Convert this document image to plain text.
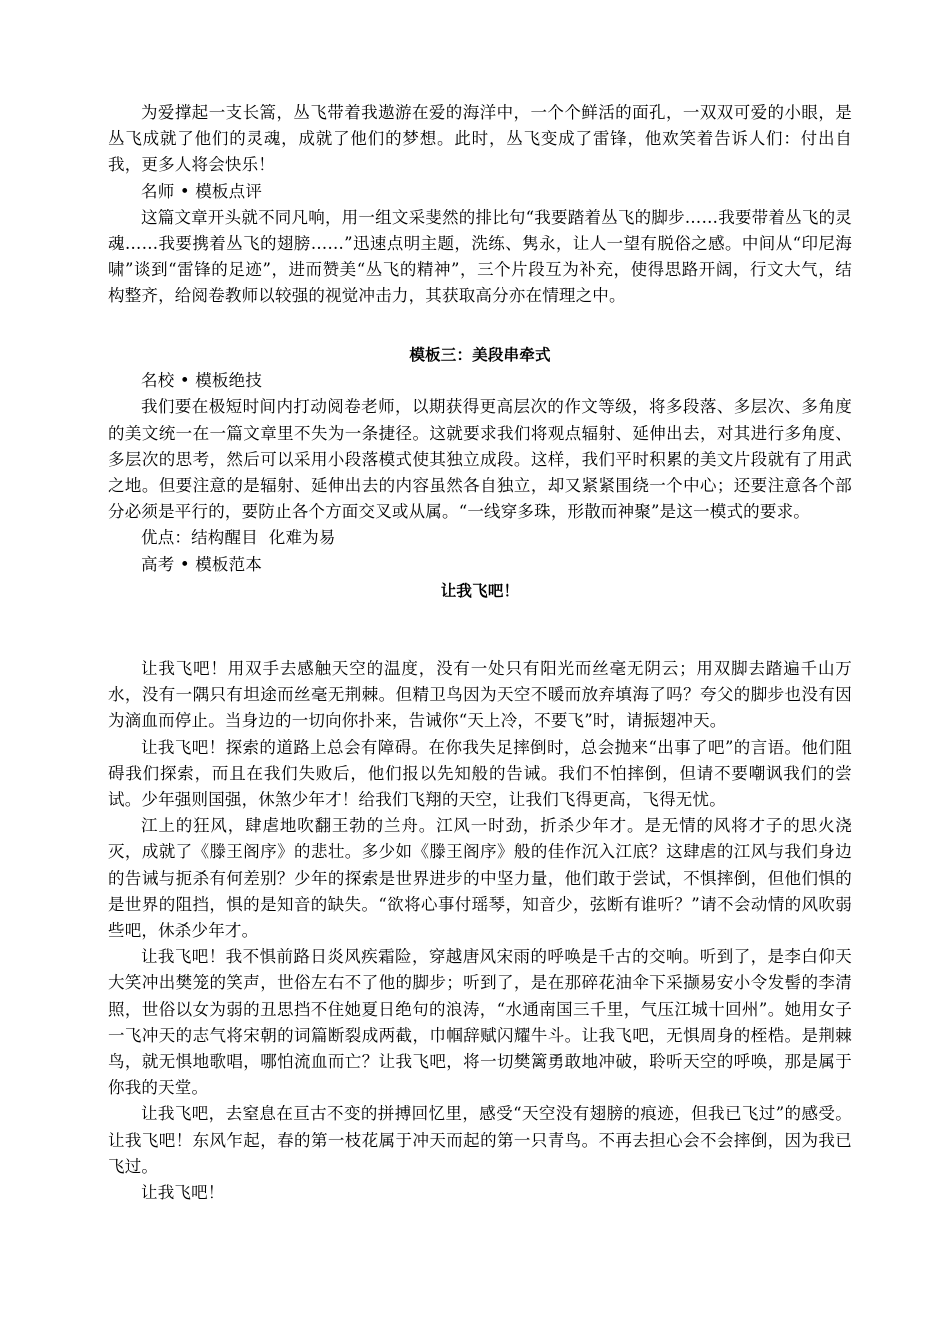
为爱撑起一支长篙，丛飞带着我遨游在爱的海洋中，一个个鲜活的面孔，一双双可爱的小眼，是丛飞成就了他们的灵魂，成就了他们的梦想。此时，丛飞变成了雷锋，他欢笑着告诉人们：付出自我，更多人将会快乐！

名师 • 模板点评

这篇文章开头就不同凡响，用一组文采斐然的排比句“我要踏着丛飞的脚步……我要带着丛飞的灵魂……我要携着丛飞的翅膀……”迅速点明主题，洗练、隽永，让人一望有脱俗之感。中间从“印尼海啸”谈到“雷锋的足迹”，进而赞美“丛飞的精神”，三个片段互为补充，使得思路开阔，行文大气，结构整齐，给阅卷教师以较强的视觉冲击力，其获取高分亦在情理之中。

模板三：美段串牵式

名校 • 模板绝技

我们要在极短时间内打动阅卷老师，以期获得更高层次的作文等级，将多段落、多层次、多角度的美文统一在一篇文章里不失为一条捷径。这就要求我们将观点辐射、延伸出去，对其进行多角度、多层次的思考，然后可以采用小段落模式使其独立成段。这样，我们平时积累的美文片段就有了用武之地。但要注意的是辐射、延伸出去的内容虽然各自独立，却又紧紧围绕一个中心；还要注意各个部分必须是平行的，要防止各个方面交叉或从属。“一线穿多珠，形散而神聚”是这一模式的要求。

优点：结构醒目  化难为易

高考 • 模板范本

让我飞吧！

让我飞吧！用双手去感触天空的温度，没有一处只有阳光而丝毫无阴云；用双脚去踏遍千山万水，没有一隅只有坦途而丝毫无荆棘。但精卫鸟因为天空不暖而放弃填海了吗？夸父的脚步也没有因为滴血而停止。当身边的一切向你扑来，告诫你“天上冷，不要飞”时，请振翅冲天。

让我飞吧！探索的道路上总会有障碍。在你我失足摔倒时，总会抛来“出事了吧”的言语。他们阻碍我们探索，而且在我们失败后，他们报以先知般的告诫。我们不怕摔倒，但请不要嘲讽我们的尝试。少年强则国强，休煞少年才！给我们飞翔的天空，让我们飞得更高，飞得无忧。

江上的狂风，肆虐地吹翻王勃的兰舟。江风一时劲，折杀少年才。是无情的风将才子的思火浇灭，成就了《滕王阁序》的悲壮。多少如《滕王阁序》般的佳作沉入江底？这肆虐的江风与我们身边的告诫与扼杀有何差别？少年的探索是世界进步的中坚力量，他们敢于尝试，不惧摔倒，但他们惧的是世界的阻挡，惧的是知音的缺失。“欲将心事付瑶琴，知音少，弦断有谁听？”请不会动情的风吹弱些吧，休杀少年才。

让我飞吧！我不惧前路日炎风疾霜险，穿越唐风宋雨的呼唤是千古的交响。听到了，是李白仰天大笑冲出樊笼的笑声，世俗左右不了他的脚步；听到了，是在那碎花油伞下采撷易安小令发髻的李清照，世俗以女为弱的丑思挡不住她夏日绝句的浪涛，“水通南国三千里，气压江城十回州”。她用女子一飞冲天的志气将宋朝的词篇断裂成两截，巾帼辞赋闪耀牛斗。让我飞吧，无惧周身的桎梏。是荆棘鸟，就无惧地歌唱，哪怕流血而亡？让我飞吧，将一切樊篱勇敢地冲破，聆听天空的呼唤，那是属于你我的天堂。

让我飞吧，去窒息在亘古不变的拼搏回忆里，感受“天空没有翅膀的痕迹，但我已飞过”的感受。让我飞吧！东风乍起，春的第一枝花属于冲天而起的第一只青鸟。不再去担心会不会摔倒，因为我已飞过。

让我飞吧！
